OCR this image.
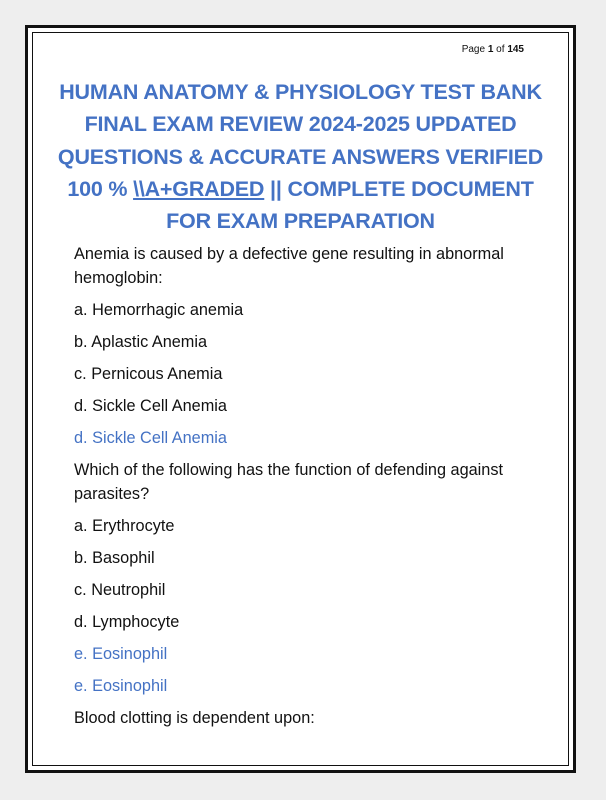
Page 1 of 145
HUMAN ANATOMY & PHYSIOLOGY TEST BANK
FINAL EXAM REVIEW 2024-2025 UPDATED
QUESTIONS & ACCURATE ANSWERS VERIFIED
100 % \\A+GRADED || COMPLETE DOCUMENT
FOR EXAM PREPARATION
Anemia is caused by a defective gene resulting in abnormal
hemoglobin:
a. Hemorrhagic anemia
b. Aplastic Anemia
c. Pernicous Anemia
d. Sickle Cell Anemia
d. Sickle Cell Anemia
Which of the following has the function of defending against
parasites?
a. Erythrocyte
b. Basophil
c. Neutrophil
d. Lymphocyte
e. Eosinophil
e. Eosinophil
Blood clotting is dependent upon:
